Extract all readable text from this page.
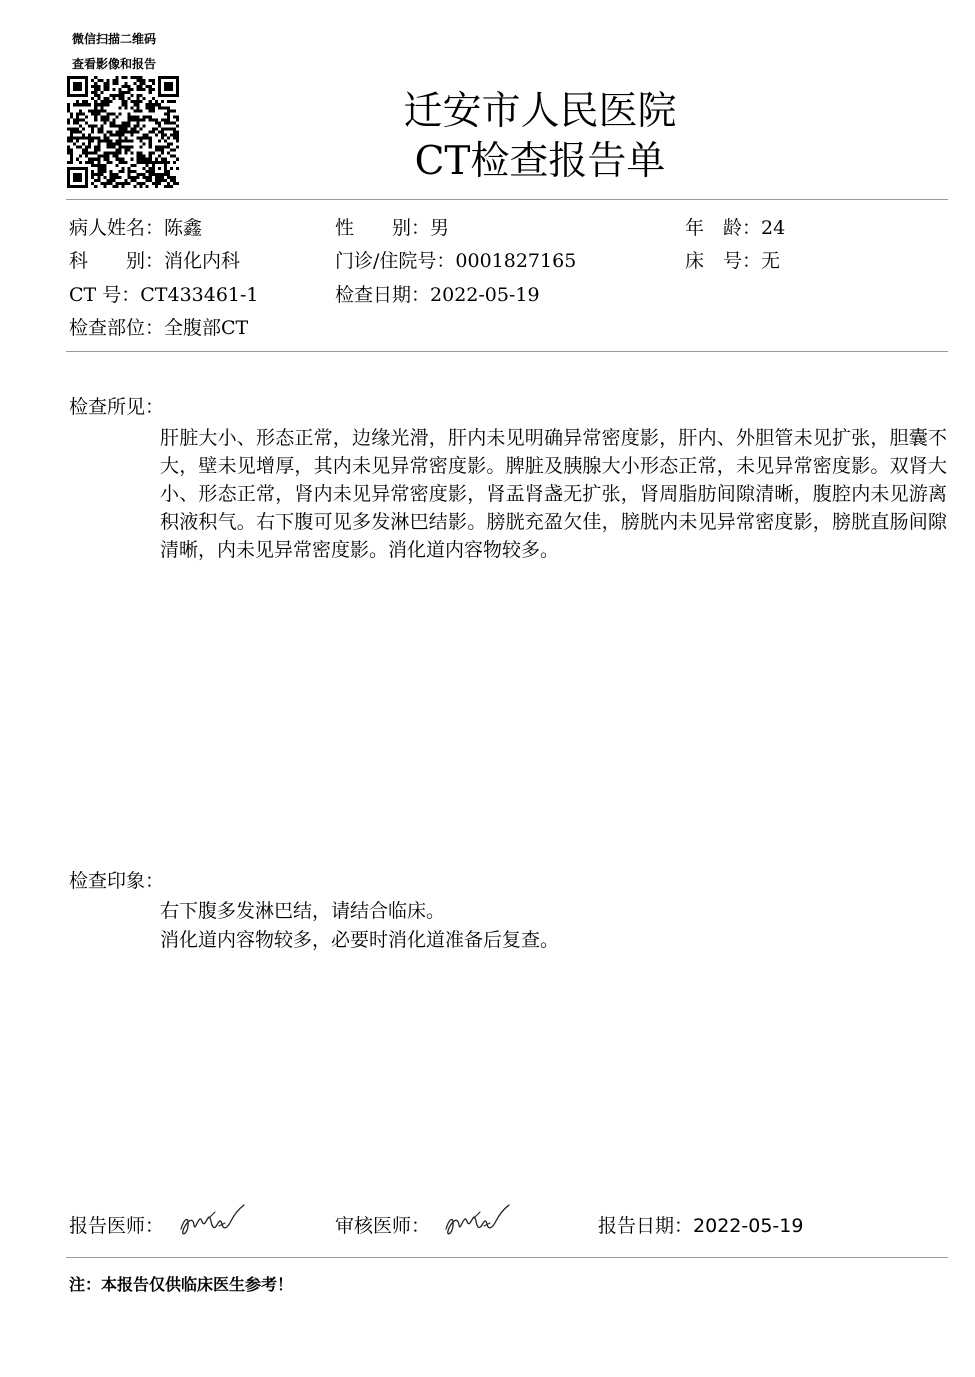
微信扫描二维码
查看影像和报告
迁安市人民医院
CT检查报告单
病人姓名：陈鑫	性　　别：男	年　龄：24
科　　别：消化内科	门诊/住院号：0001827165	床　号：无
CT 号：CT433461-1	检查日期：2022-05-19
检查部位：全腹部CT
检查所见：
肝脏大小、形态正常，边缘光滑，肝内未见明确异常密度影，肝内、外胆管未见扩张，胆囊不大，壁未见增厚，其内未见异常密度影。脾脏及胰腺大小形态正常，未见异常密度影。双肾大小、形态正常，肾内未见异常密度影，肾盂肾盏无扩张，肾周脂肪间隙清晰，腹腔内未见游离积液积气。右下腹可见多发淋巴结影。膀胱充盈欠佳，膀胱内未见异常密度影，膀胱直肠间隙清晰，内未见异常密度影。消化道内容物较多。
检查印象：
右下腹多发淋巴结，请结合临床。
消化道内容物较多，必要时消化道准备后复查。
报告医师：	审核医师：	报告日期：2022-05-19
注：本报告仅供临床医生参考！
